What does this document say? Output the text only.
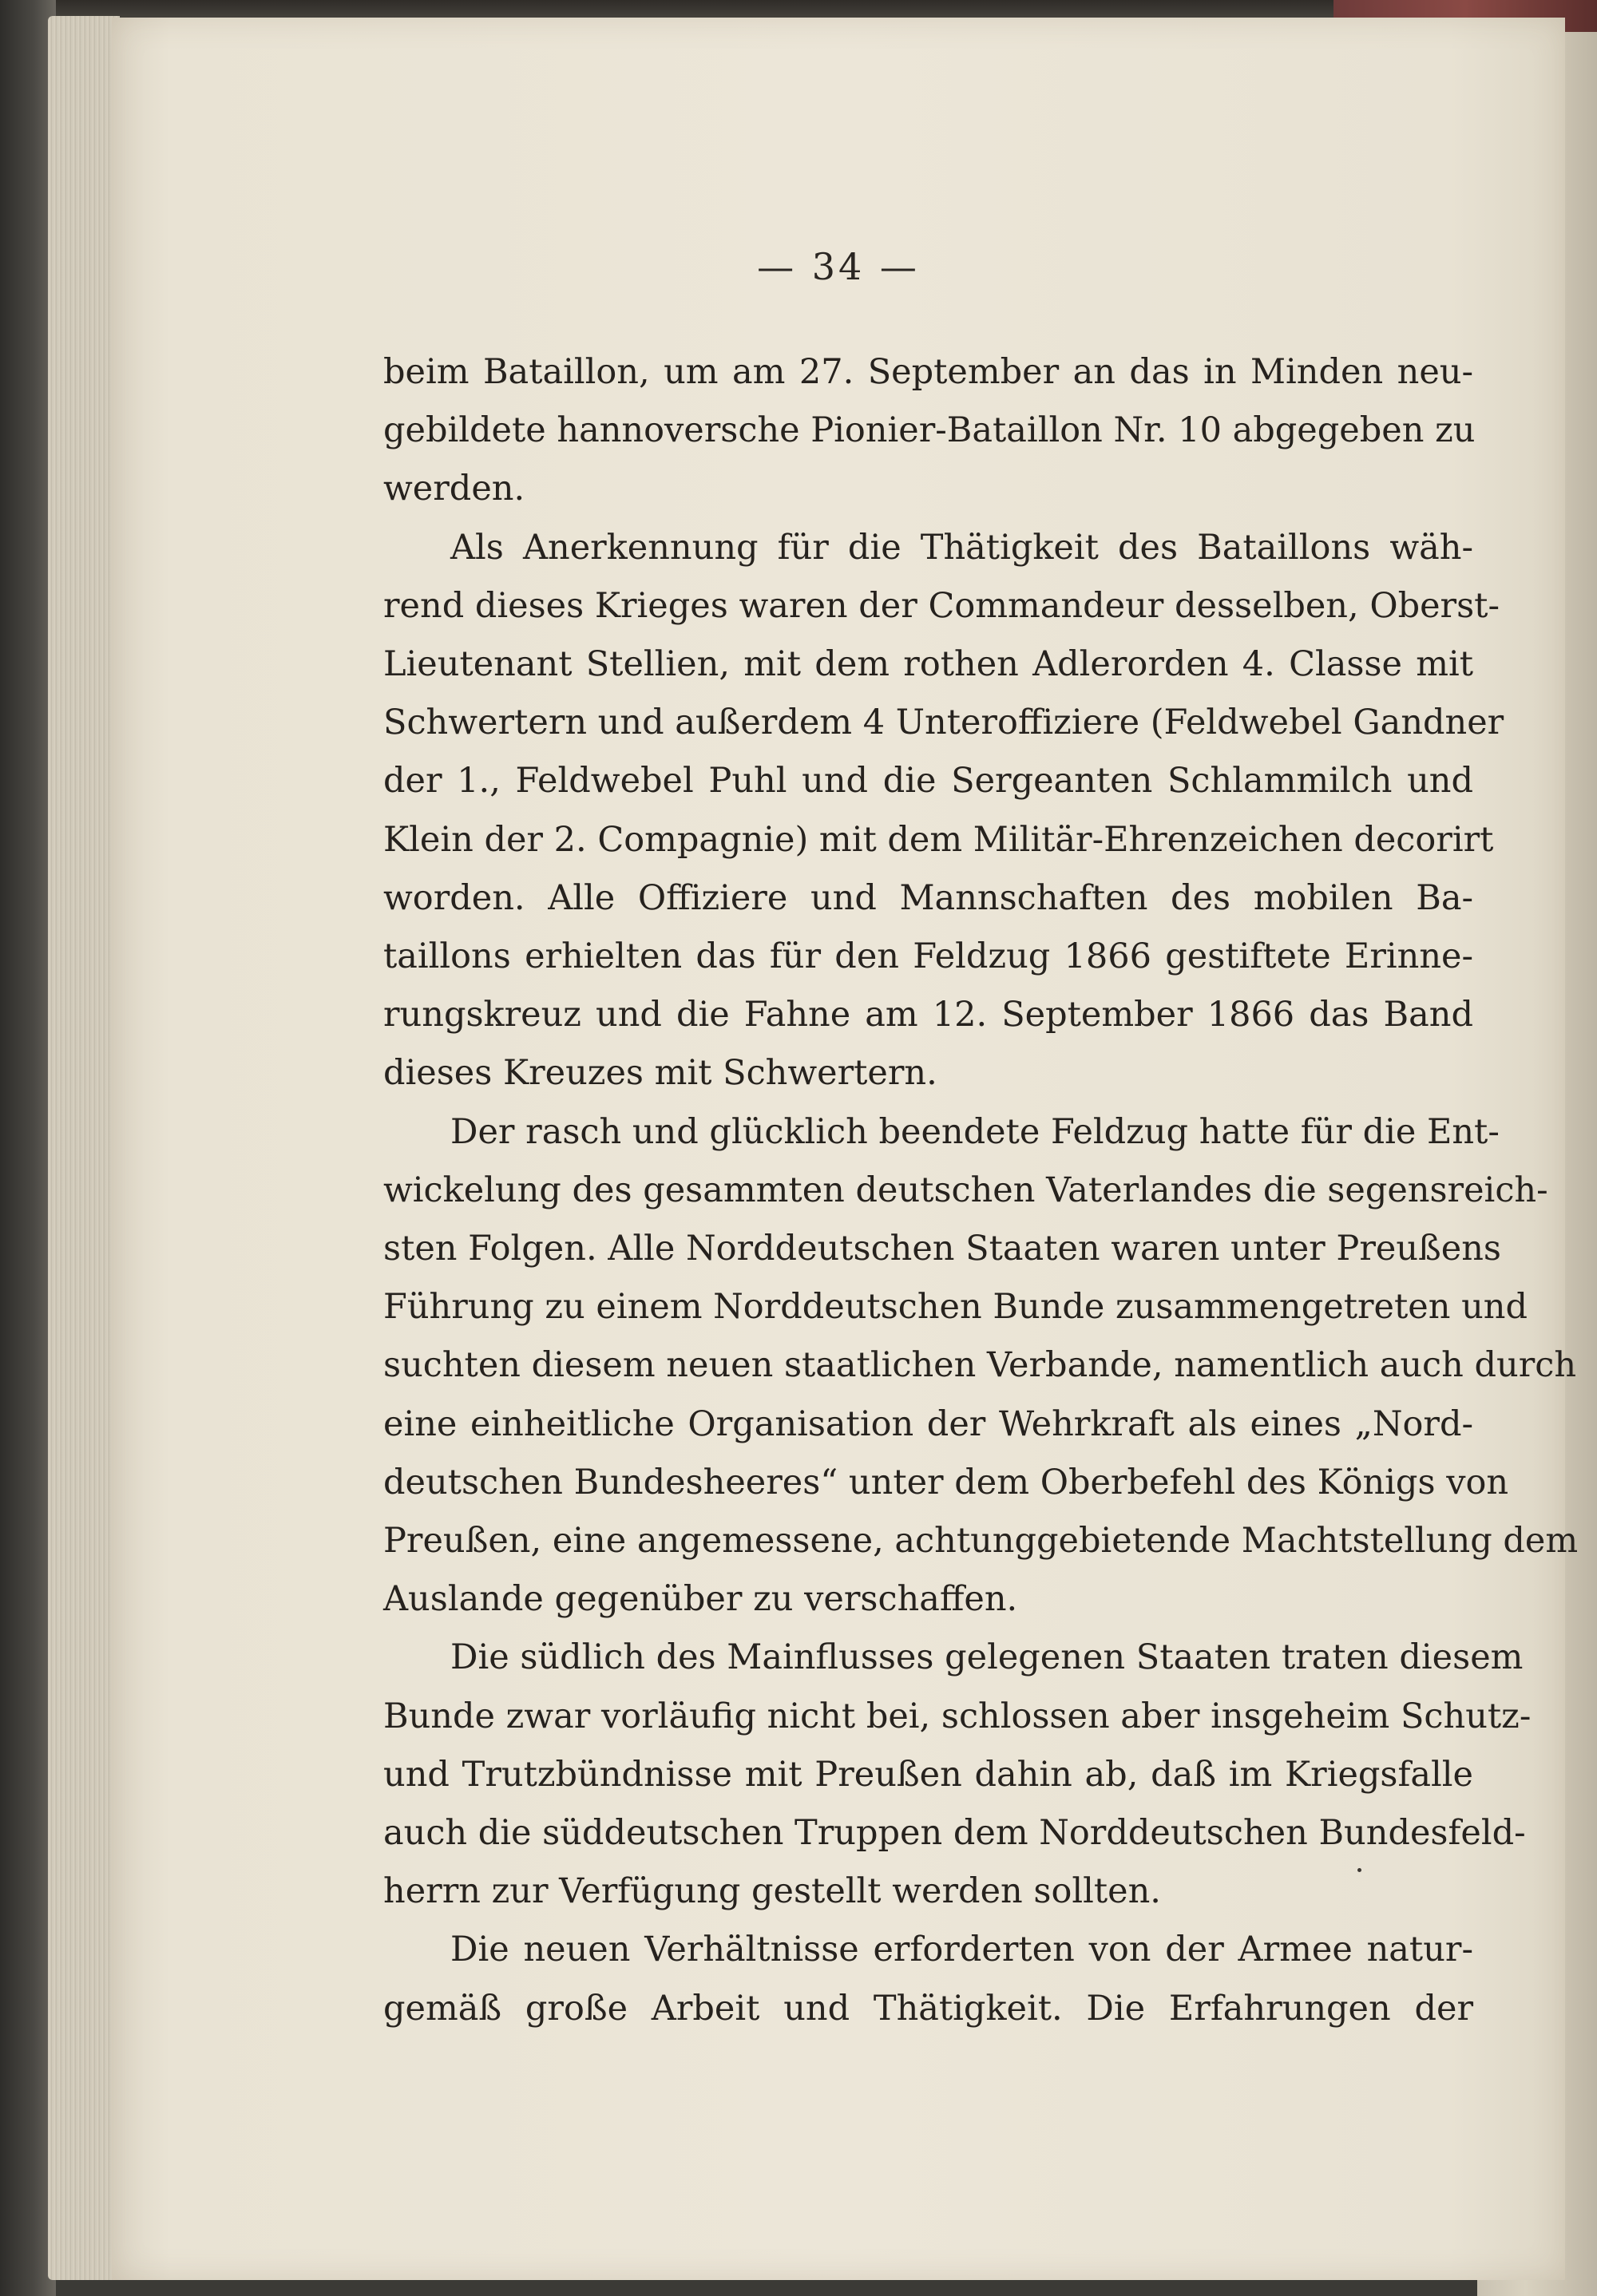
— 34 —
beim Bataillon, um am 27. September an das in Minden neu-
gebildete hannoversche Pionier-Bataillon Nr. 10 abgegeben zu
werden.
Als Anerkennung für die Thätigkeit des Bataillons wäh-
rend dieses Krieges waren der Commandeur desselben, Oberst-
Lieutenant Stellien, mit dem rothen Adlerorden 4. Classe mit
Schwertern und außerdem 4 Unteroffiziere (Feldwebel Gandner
der 1., Feldwebel Puhl und die Sergeanten Schlammilch und
Klein der 2. Compagnie) mit dem Militär-Ehrenzeichen decorirt
worden. Alle Offiziere und Mannschaften des mobilen Ba-
taillons erhielten das für den Feldzug 1866 gestiftete Erinne-
rungskreuz und die Fahne am 12. September 1866 das Band
dieses Kreuzes mit Schwertern.
Der rasch und glücklich beendete Feldzug hatte für die Ent-
wickelung des gesammten deutschen Vaterlandes die segensreich-
sten Folgen. Alle Norddeutschen Staaten waren unter Preußens
Führung zu einem Norddeutschen Bunde zusammengetreten und
suchten diesem neuen staatlichen Verbande, namentlich auch durch
eine einheitliche Organisation der Wehrkraft als eines „Nord-
deutschen Bundesheeres“ unter dem Oberbefehl des Königs von
Preußen, eine angemessene, achtunggebietende Machtstellung dem
Auslande gegenüber zu verschaffen.
Die südlich des Mainflusses gelegenen Staaten traten diesem
Bunde zwar vorläufig nicht bei, schlossen aber insgeheim Schutz-
und Trutzbündnisse mit Preußen dahin ab, daß im Kriegsfalle
auch die süddeutschen Truppen dem Norddeutschen Bundesfeld-
herrn zur Verfügung gestellt werden sollten.
Die neuen Verhältnisse erforderten von der Armee natur-
gemäß große Arbeit und Thätigkeit. Die Erfahrungen der
